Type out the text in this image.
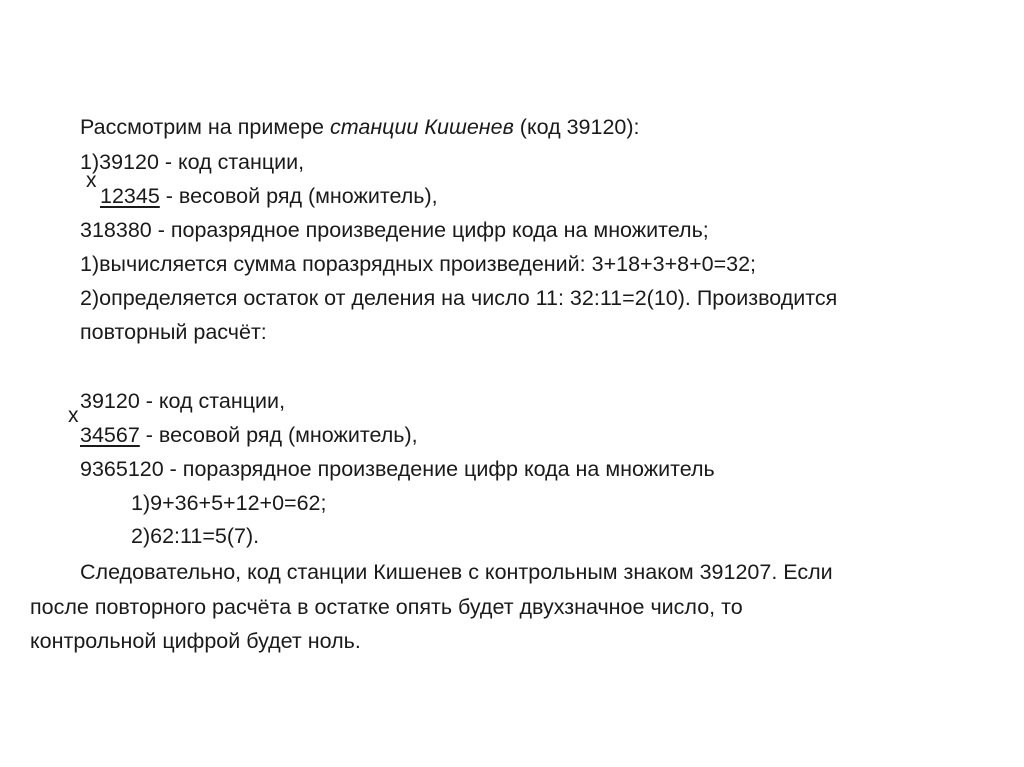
Рассмотрим на примере станции Кишенев (код 39120):
1)39120 - код станции,
x
12345 - весовой ряд (множитель),
318380 - поразрядное произведение цифр кода на множитель;
1)вычисляется сумма поразрядных произведений: 3+18+3+8+0=32;
2)определяется остаток от деления на число 11: 32:11=2(10). Производится
повторный расчёт:
39120 - код станции,
x
34567 - весовой ряд (множитель),
9365120 - поразрядное произведение цифр кода на множитель
1)9+36+5+12+0=62;
2)62:11=5(7).
Следовательно, код станции Кишенев с контрольным знаком 391207. Если
после повторного расчёта в остатке опять будет двухзначное число, то
контрольной цифрой будет ноль.
